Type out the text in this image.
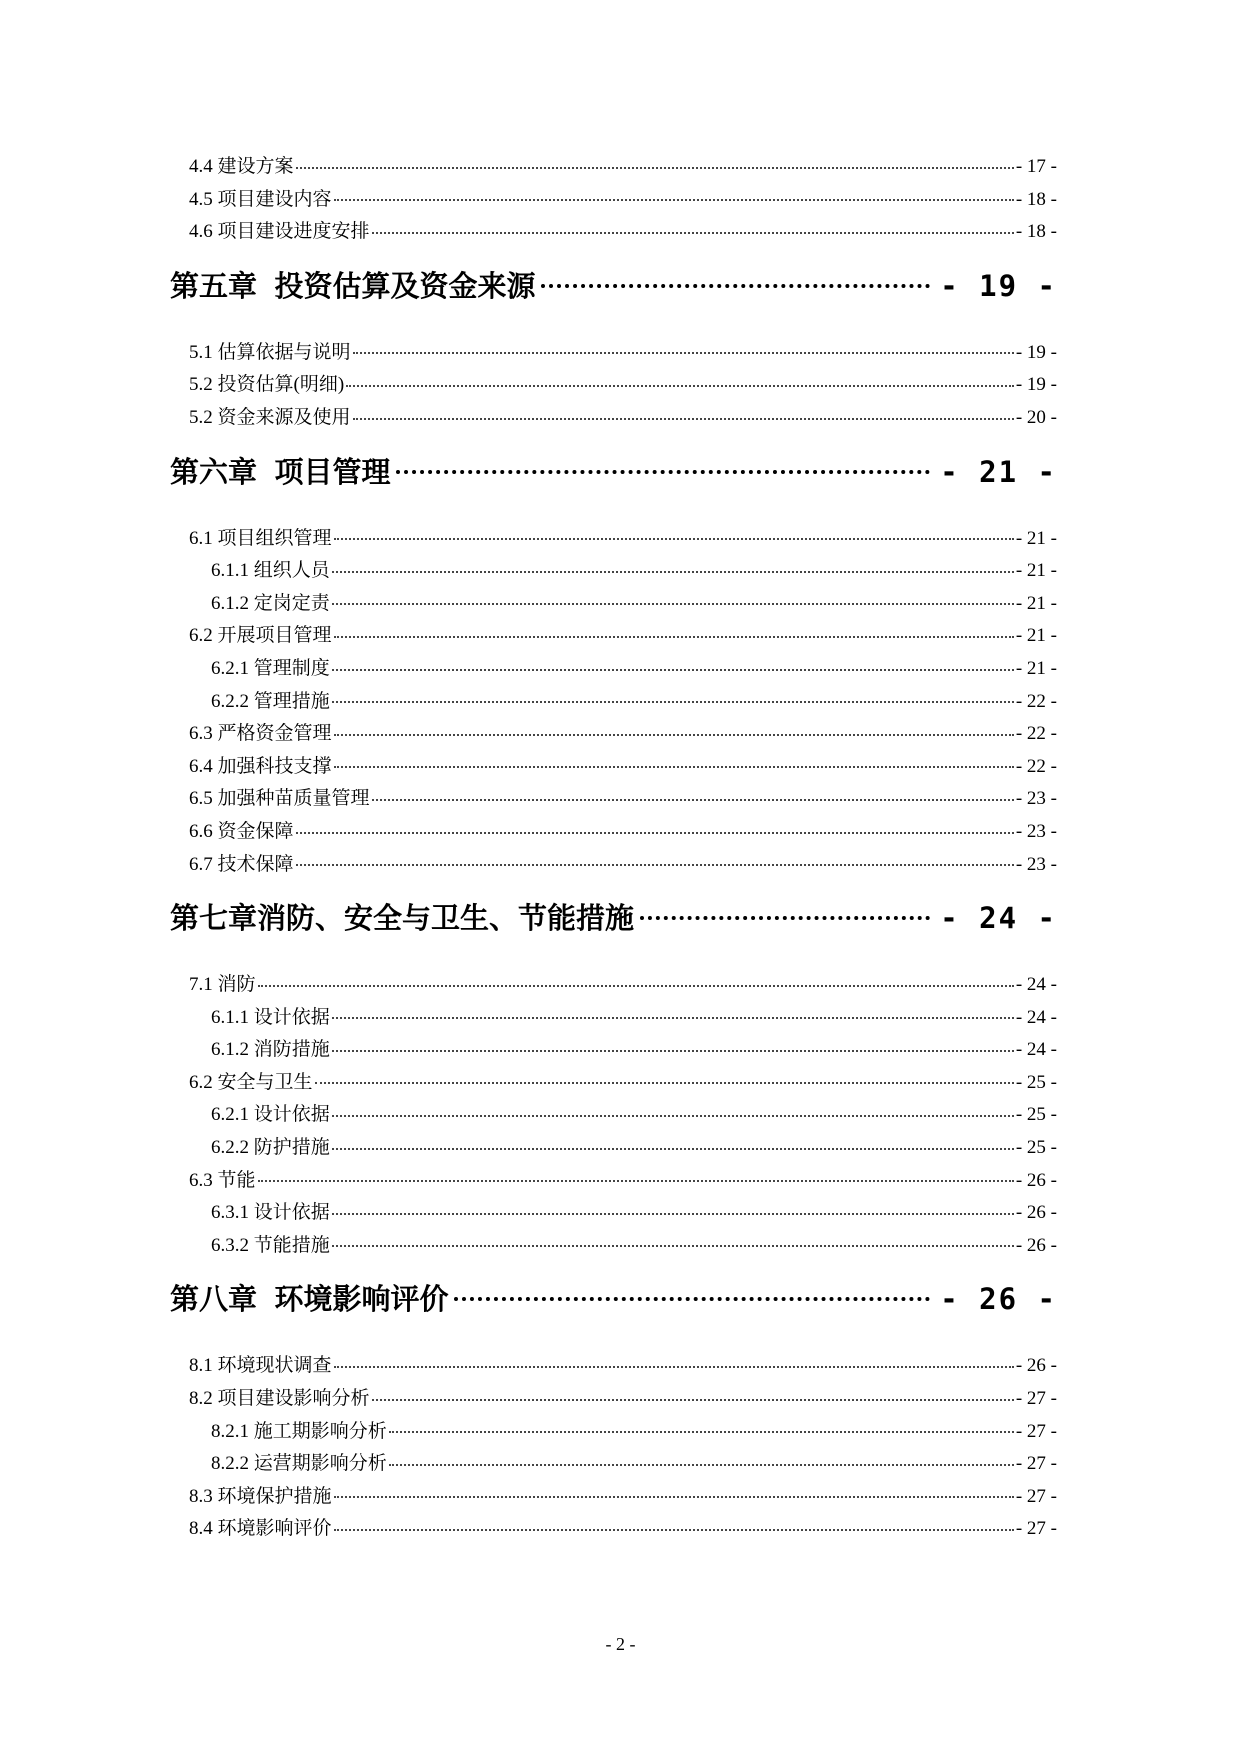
4.4 建设方案	- 17 -
4.5 项目建设内容	- 18 -
4.6 项目建设进度安排	- 18 -
第五章 投资估算及资金来源	- 19 -
5.1 估算依据与说明	- 19 -
5.2 投资估算(明细)	- 19 -
5.2 资金来源及使用	- 20 -
第六章 项目管理	- 21 -
6.1 项目组织管理	- 21 -
6.1.1 组织人员	- 21 -
6.1.2 定岗定责	- 21 -
6.2 开展项目管理	- 21 -
6.2.1 管理制度	- 21 -
6.2.2 管理措施	- 22 -
6.3 严格资金管理	- 22 -
6.4 加强科技支撑	- 22 -
6.5 加强种苗质量管理	- 23 -
6.6 资金保障	- 23 -
6.7 技术保障	- 23 -
第七章消防、安全与卫生、节能措施	- 24 -
7.1 消防	- 24 -
6.1.1 设计依据	- 24 -
6.1.2 消防措施	- 24 -
6.2 安全与卫生	- 25 -
6.2.1 设计依据	- 25 -
6.2.2 防护措施	- 25 -
6.3 节能	- 26 -
6.3.1 设计依据	- 26 -
6.3.2 节能措施	- 26 -
第八章 环境影响评价	- 26 -
8.1 环境现状调查	- 26 -
8.2 项目建设影响分析	- 27 -
8.2.1 施工期影响分析	- 27 -
8.2.2 运营期影响分析	- 27 -
8.3 环境保护措施	- 27 -
8.4 环境影响评价	- 27 -
- 2 -
